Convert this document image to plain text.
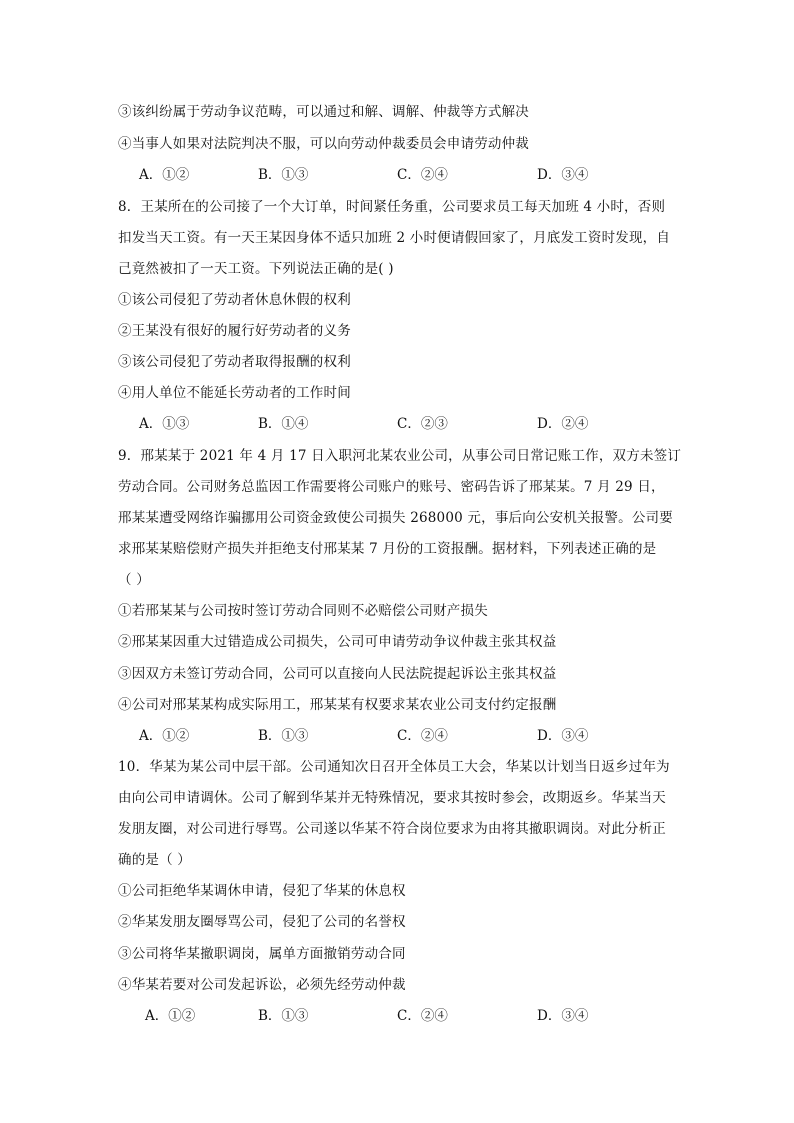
③该纠纷属于劳动争议范畴，可以通过和解、调解、仲裁等方式解决
④当事人如果对法院判决不服，可以向劳动仲裁委员会申请劳动仲裁
A．①②	B．①③	C．②④	D．③④
8．王某所在的公司接了一个大订单，时间紧任务重，公司要求员工每天加班 4 小时，否则
扣发当天工资。有一天王某因身体不适只加班 2 小时便请假回家了，月底发工资时发现，自
己竟然被扣了一天工资。下列说法正确的是( )
①该公司侵犯了劳动者休息休假的权利
②王某没有很好的履行好劳动者的义务
③该公司侵犯了劳动者取得报酬的权利
④用人单位不能延长劳动者的工作时间
A．①③	B．①④	C．②③	D．②④
9．邢某某于 2021 年 4 月 17 日入职河北某农业公司，从事公司日常记账工作，双方未签订
劳动合同。公司财务总监因工作需要将公司账户的账号、密码告诉了邢某某。7 月 29 日，
邢某某遭受网络诈骗挪用公司资金致使公司损失 268000 元，事后向公安机关报警。公司要
求邢某某赔偿财产损失并拒绝支付邢某某 7 月份的工资报酬。据材料，下列表述正确的是
（ ）
①若邢某某与公司按时签订劳动合同则不必赔偿公司财产损失
②邢某某因重大过错造成公司损失，公司可申请劳动争议仲裁主张其权益
③因双方未签订劳动合同，公司可以直接向人民法院提起诉讼主张其权益
④公司对邢某某构成实际用工，邢某某有权要求某农业公司支付约定报酬
A．①②	B．①③	C．②④	D．③④
10．华某为某公司中层干部。公司通知次日召开全体员工大会，华某以计划当日返乡过年为
由向公司申请调休。公司了解到华某并无特殊情况，要求其按时参会，改期返乡。华某当天
发朋友圈，对公司进行辱骂。公司遂以华某不符合岗位要求为由将其撤职调岗。对此分析正
确的是（ ）
①公司拒绝华某调休申请，侵犯了华某的休息权
②华某发朋友圈辱骂公司，侵犯了公司的名誉权
③公司将华某撤职调岗，属单方面撤销劳动合同
④华某若要对公司发起诉讼，必须先经劳动仲裁
A．①②	B．①③	C．②④	D．③④
